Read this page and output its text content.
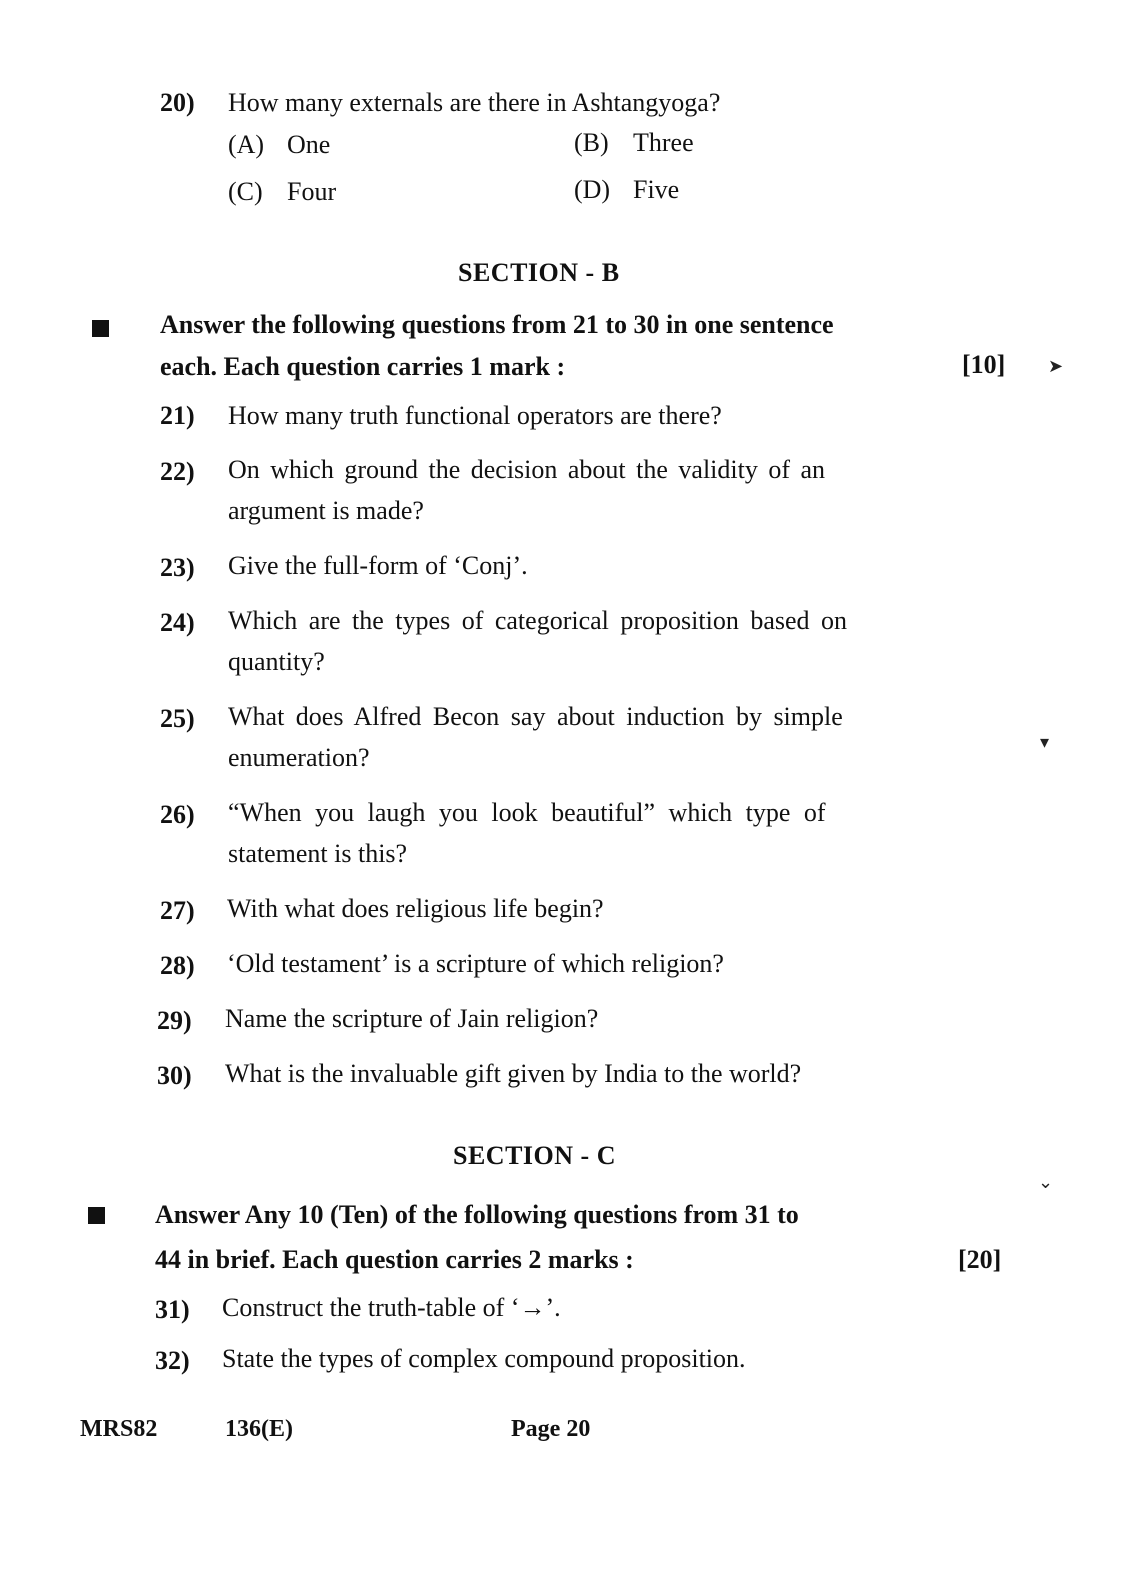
20) How many externals are there in Ashtangyoga?
(A) One	(B) Three
(C) Four	(D) Five
SECTION - B
Answer the following questions from 21 to 30 in one sentence
each. Each question carries 1 mark :	[10] ➤
21) How many truth functional operators are there?
22) On which ground the decision about the validity of an
argument is made?
23) Give the full-form of ‘Conj’.
24) Which are the types of categorical proposition based on
quantity?
25) What does Alfred Becon say about induction by simple
enumeration?
▾
26) “When you laugh you look beautiful” which type of
statement is this?
27) With what does religious life begin?
28) ‘Old testament’ is a scripture of which religion?
29) Name the scripture of Jain religion?
30) What is the invaluable gift given by India to the world?
SECTION - C
⌄
Answer Any 10 (Ten) of the following questions from 31 to
44 in brief. Each question carries 2 marks :	[20]
31) Construct the truth-table of ‘→’.
32) State the types of complex compound proposition.
MRS82	136(E)	Page 20
